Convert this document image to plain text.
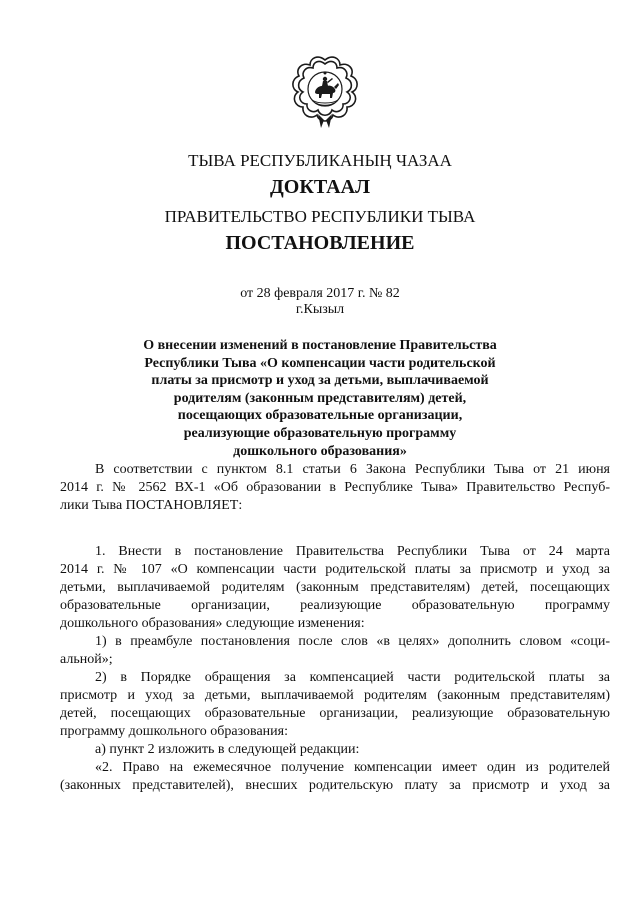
ТЫВА РЕСПУБЛИКАНЫҢ ЧАЗАА
ДОКТААЛ
ПРАВИТЕЛЬСТВО РЕСПУБЛИКИ ТЫВА
ПОСТАНОВЛЕНИЕ
от 28 февраля 2017 г. № 82
г.Кызыл
О внесении изменений в постановление Правительства
Республики Тыва «О компенсации части родительской
платы за присмотр и уход за детьми, выплачиваемой
родителям (законным представителям) детей,
посещающих образовательные организации,
реализующие образовательную программу
дошкольного образования»
В соответствии с пунктом 8.1 статьи 6 Закона Республики Тыва от 21 июня
2014 г. № 2562 ВХ-1 «Об образовании в Республике Тыва» Правительство Респуб-
лики Тыва ПОСТАНОВЛЯЕТ:
1. Внести в постановление Правительства Республики Тыва от 24 марта
2014 г. № 107 «О компенсации части родительской платы за присмотр и уход за
детьми, выплачиваемой родителям (законным представителям) детей, посещающих
образовательные организации, реализующие образовательную программу
дошкольного образования» следующие изменения:
1) в преамбуле постановления после слов «в целях» дополнить словом «соци-
альной»;
2) в Порядке обращения за компенсацией части родительской платы за
присмотр и уход за детьми, выплачиваемой родителям (законным представителям)
детей, посещающих образовательные организации, реализующие образовательную
программу дошкольного образования:
а) пункт 2 изложить в следующей редакции:
«2. Право на ежемесячное получение компенсации имеет один из родителей
(законных представителей), внесших родительскую плату за присмотр и уход за
